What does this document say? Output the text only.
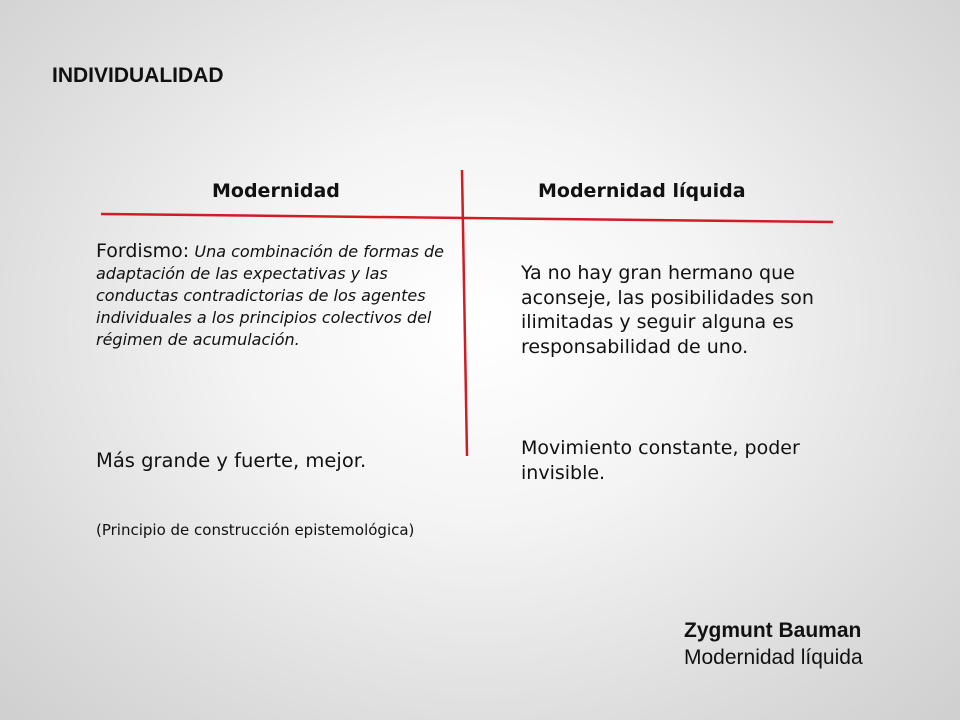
INDIVIDUALIDAD
Modernidad	Modernidad líquida
Fordismo: Una combinación de formas de adaptación de las expectativas y las conductas contradictorias de los agentes individuales a los principios colectivos del régimen de acumulación.
Más grande y fuerte, mejor.
(Principio de construcción epistemológica)
Ya no hay gran hermano que aconseje, las posibilidades son ilimitadas y seguir alguna es responsabilidad de uno.
Movimiento constante, poder invisible.
Zygmunt Bauman
Modernidad líquida
